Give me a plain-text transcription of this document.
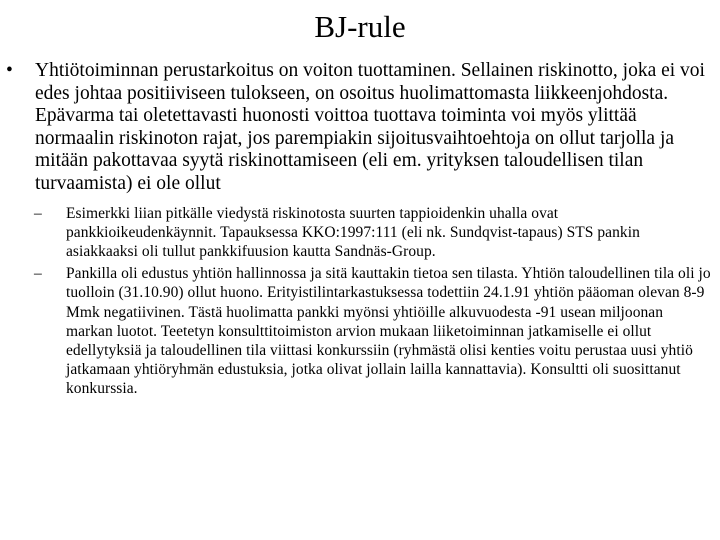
BJ-rule
• Yhtiötoiminnan perustarkoitus on voiton tuottaminen. Sellainen riskinotto, joka ei voi edes johtaa positiiviseen tulokseen, on osoitus huolimattomasta liikkeenjohdosta. Epävarma tai oletettavasti huonosti voittoa tuottava toiminta voi myös ylittää normaalin riskinoton rajat, jos parempiakin sijoitusvaihtoehtoja on ollut tarjolla ja mitään pakottavaa syytä riskinottamiseen (eli em. yrityksen taloudellisen tilan turvaamista) ei ole ollut
– Esimerkki liian pitkälle viedystä riskinotosta suurten tappioidenkin uhalla ovat pankkioikeudenkäynnit. Tapauksessa KKO:1997:111 (eli nk. Sundqvist‐tapaus) STS pankin asiakkaaksi oli tullut pankkifuusion kautta Sandnäs‐Group.
– Pankilla oli edustus yhtiön hallinnossa ja sitä kauttakin tietoa sen tilasta. Yhtiön taloudellinen tila oli jo tuolloin (31.10.90) ollut huono. Erityistilintarkastuksessa todettiin 24.1.91 yhtiön pääoman olevan 8‐9 Mmk negatiivinen. Tästä huolimatta pankki myönsi yhtiöille alkuvuodesta ‐91 usean miljoonan markan luotot. Teetetyn konsulttitoimiston arvion mukaan liiketoiminnan jatkamiselle ei ollut edellytyksiä ja taloudellinen tila viittasi konkurssiin (ryhmästä olisi kenties voitu perustaa uusi yhtiö jatkamaan yhtiöryhmän edustuksia, jotka olivat jollain lailla kannattavia). Konsultti oli suosittanut konkurssia.
